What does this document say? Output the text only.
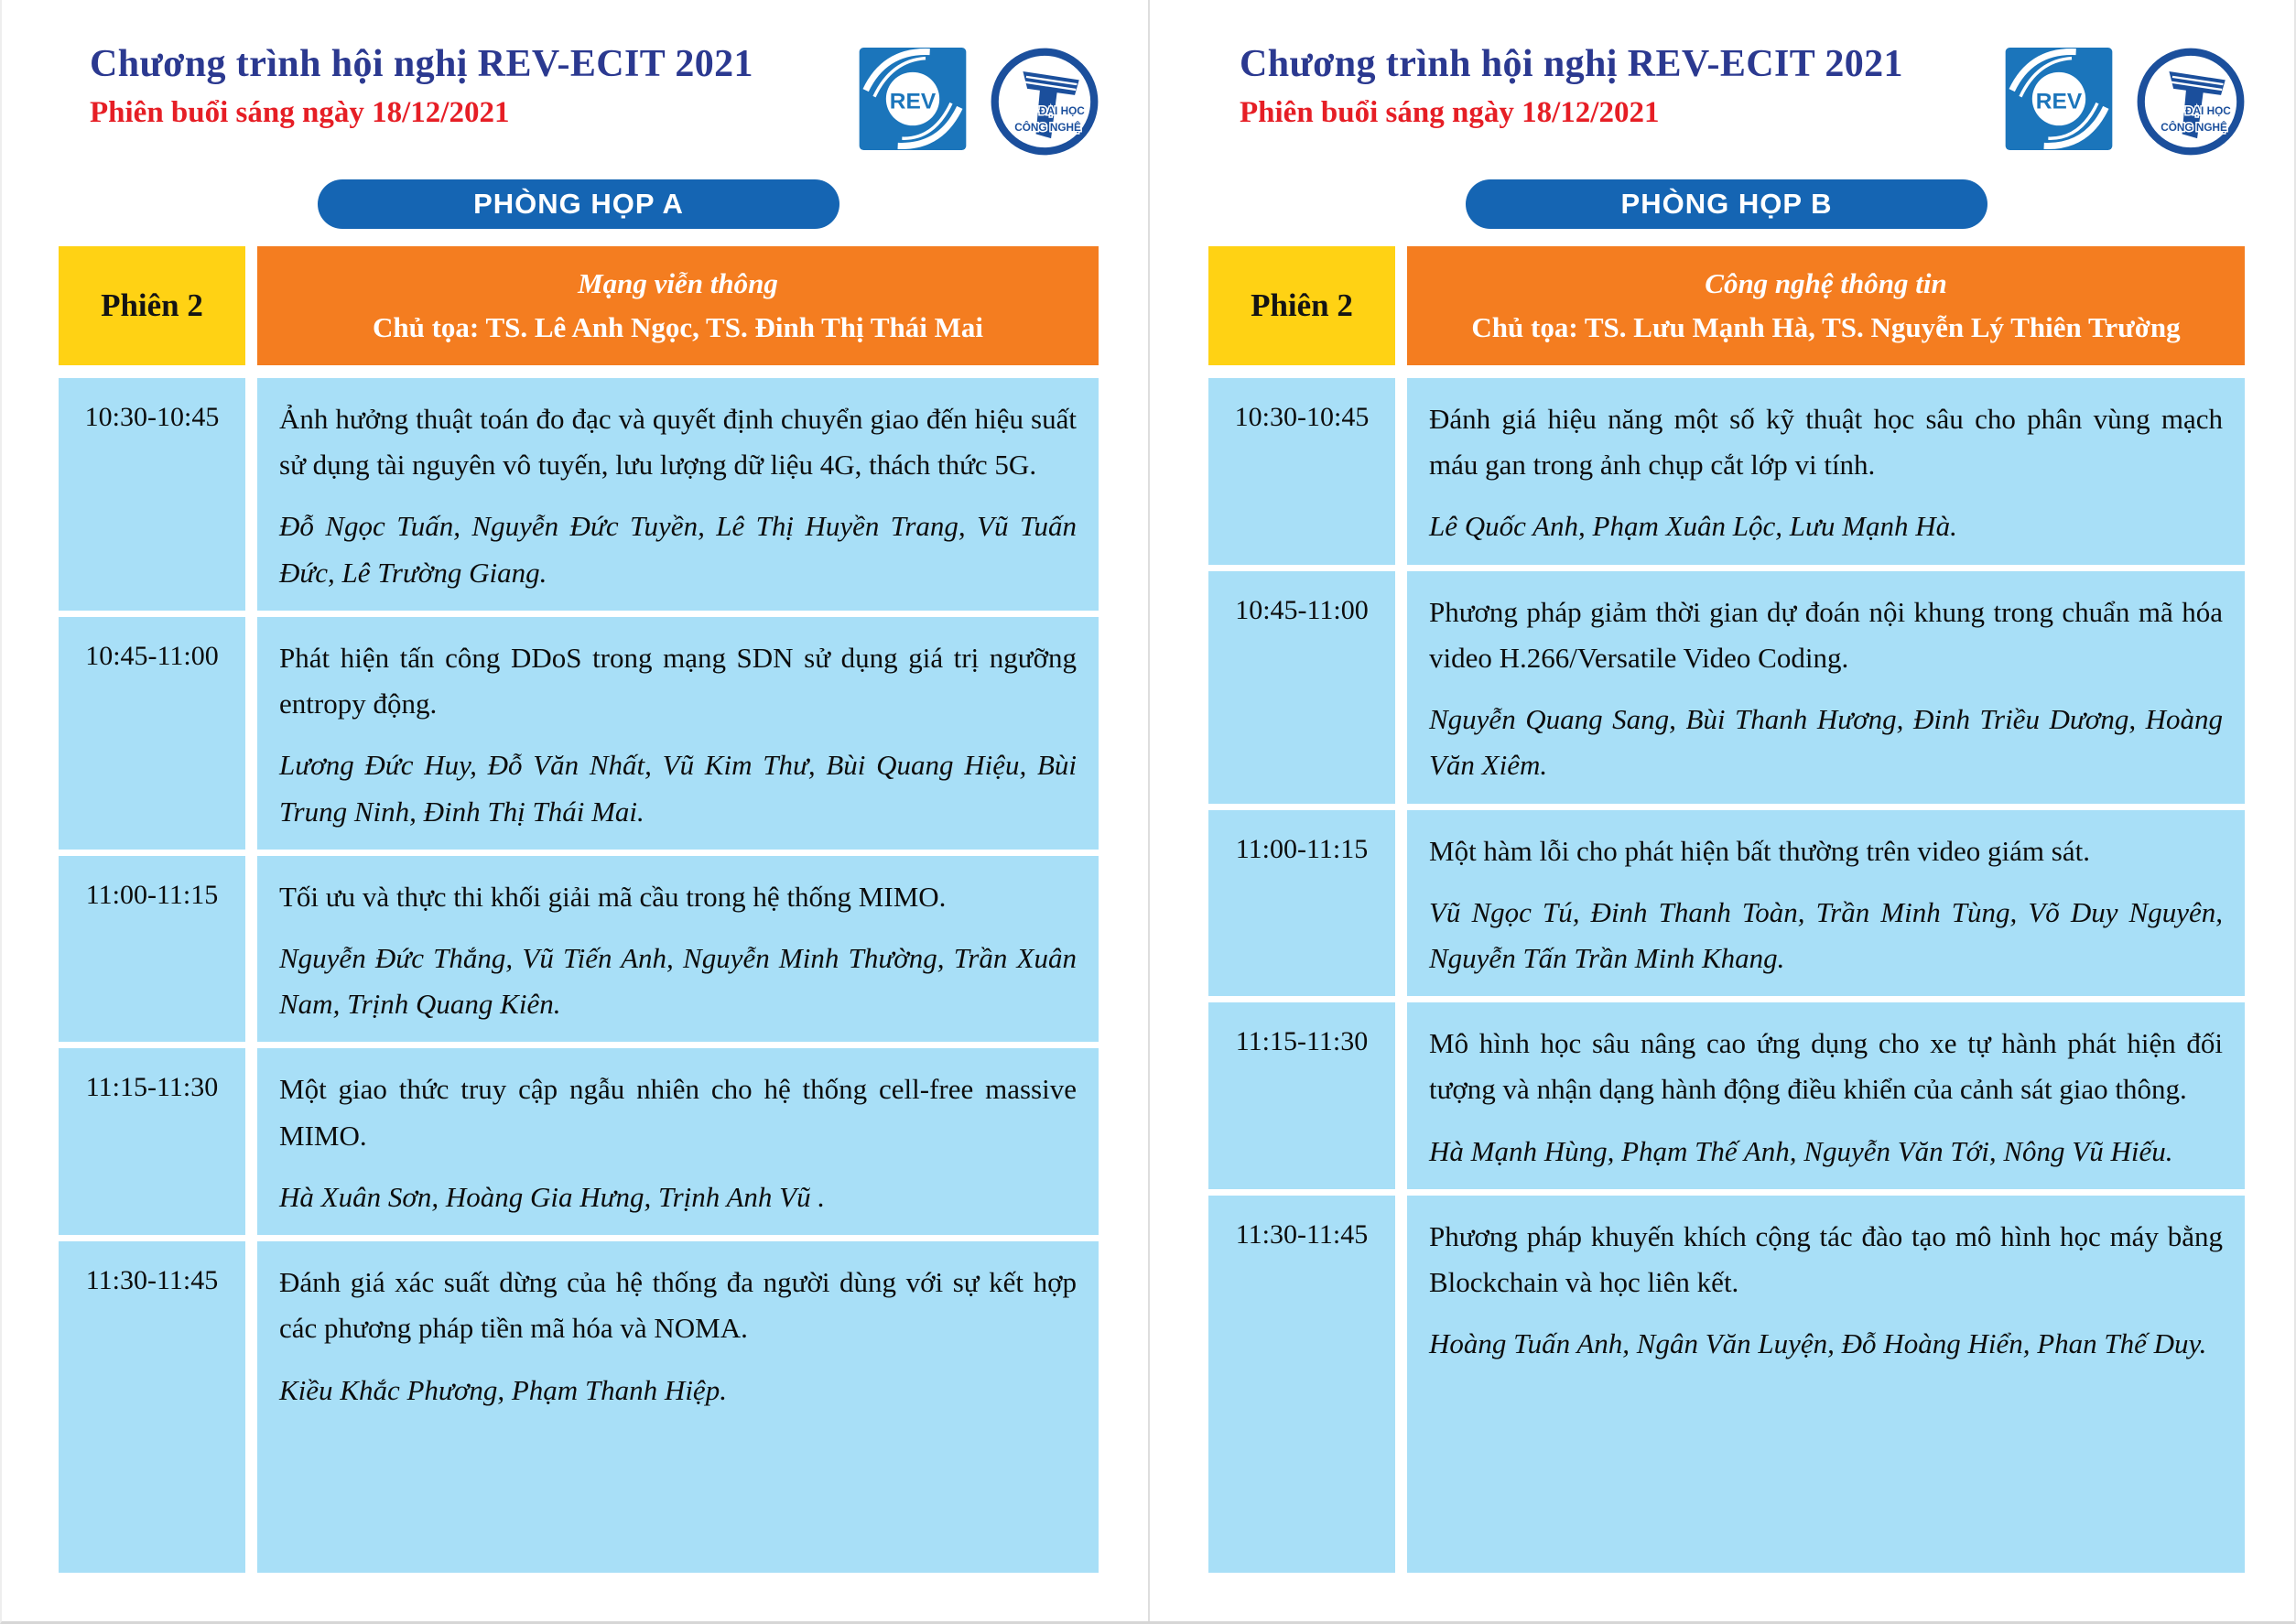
Chương trình hội nghị REV-ECIT 2021
Phiên buổi sáng ngày 18/12/2021	REV	ĐẠI HỌC
CÔNG NGHỆ
PHÒNG HỌP A
Phiên 2
Mạng viễn thông
Chủ tọa: TS. Lê Anh Ngọc, TS. Đinh Thị Thái Mai
10:30-10:45	Ảnh hưởng thuật toán đo đạc và quyết định chuyển giao đến hiệu suất sử dụng tài nguyên vô tuyến, lưu lượng dữ liệu 4G, thách thức 5G.

Đỗ Ngọc Tuấn, Nguyễn Đức Tuyền, Lê Thị Huyền Trang, Vũ Tuấn Đức, Lê Trường Giang.

10:45-11:00	Phát hiện tấn công DDoS trong mạng SDN sử dụng giá trị ngưỡng entropy động.

Lương Đức Huy, Đỗ Văn Nhất, Vũ Kim Thư, Bùi Quang Hiệu, Bùi Trung Ninh, Đinh Thị Thái Mai.

11:00-11:15	Tối ưu và thực thi khối giải mã cầu trong hệ thống MIMO.

Nguyễn Đức Thắng, Vũ Tiến Anh, Nguyễn Minh Thường, Trần Xuân Nam, Trịnh Quang Kiên.

11:15-11:30	Một giao thức truy cập ngẫu nhiên cho hệ thống cell-free massive MIMO.

Hà Xuân Sơn, Hoàng Gia Hưng, Trịnh Anh Vũ .

11:30-11:45	Đánh giá xác suất dừng của hệ thống đa người dùng với sự kết hợp các phương pháp tiền mã hóa và NOMA.

Kiều Khắc Phương, Phạm Thanh Hiệp.

Chương trình hội nghị REV-ECIT 2021
Phiên buổi sáng ngày 18/12/2021	REV	ĐẠI HỌC
CÔNG NGHỆ
PHÒNG HỌP B
Phiên 2
Công nghệ thông tin
Chủ tọa: TS. Lưu Mạnh Hà, TS. Nguyễn Lý Thiên Trường
10:30-10:45	Đánh giá hiệu năng một số kỹ thuật học sâu cho phân vùng mạch máu gan trong ảnh chụp cắt lớp vi tính.

Lê Quốc Anh, Phạm Xuân Lộc, Lưu Mạnh Hà.

10:45-11:00	Phương pháp giảm thời gian dự đoán nội khung trong chuẩn mã hóa video H.266/Versatile Video Coding.

Nguyễn Quang Sang, Bùi Thanh Hương, Đinh Triều Dương, Hoàng Văn Xiêm.

11:00-11:15	Một hàm lỗi cho phát hiện bất thường trên video giám sát.

Vũ Ngọc Tú, Đinh Thanh Toàn, Trần Minh Tùng, Võ Duy Nguyên, Nguyễn Tấn Trần Minh Khang.

11:15-11:30	Mô hình học sâu nâng cao ứng dụng cho xe tự hành phát hiện đối tượng và nhận dạng hành động điều khiển của cảnh sát giao thông.

Hà Mạnh Hùng, Phạm Thế Anh, Nguyễn Văn Tới, Nông Vũ Hiếu.

11:30-11:45	Phương pháp khuyến khích cộng tác đào tạo mô hình học máy bằng Blockchain và học liên kết.

Hoàng Tuấn Anh, Ngân Văn Luyện, Đỗ Hoàng Hiển, Phan Thế Duy.
